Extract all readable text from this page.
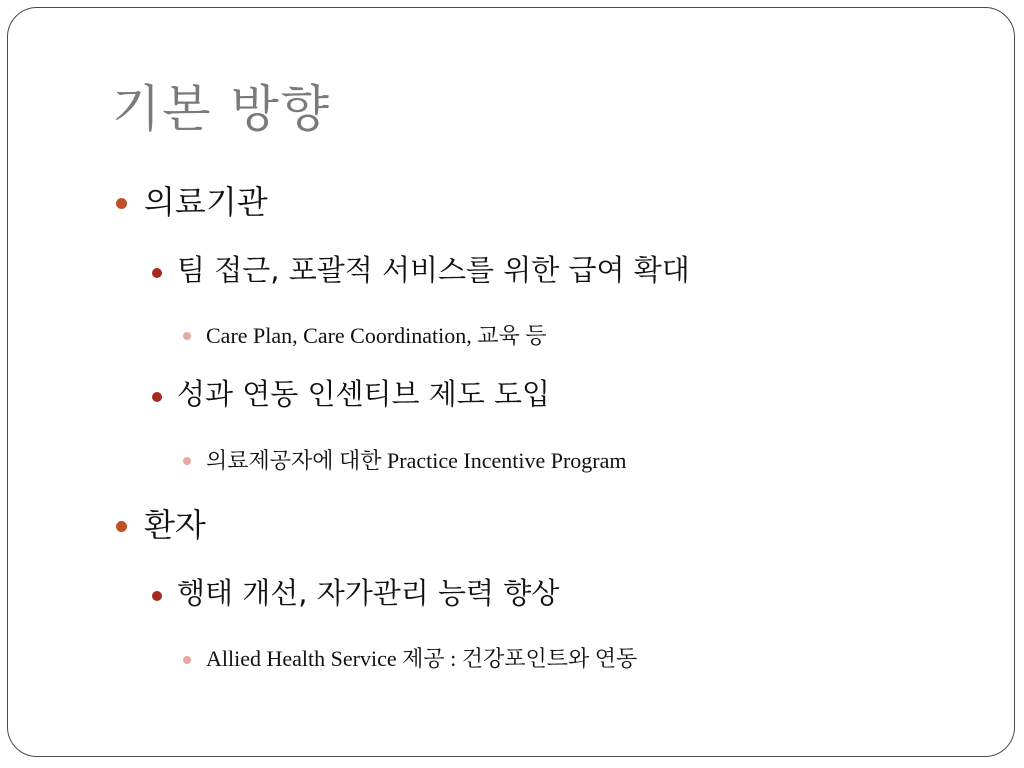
기본 방향
의료기관
팀 접근, 포괄적 서비스를 위한 급여 확대
Care Plan, Care Coordination, 교육 등
성과 연동 인센티브 제도 도입
의료제공자에 대한 Practice Incentive Program
환자
행태 개선, 자가관리 능력 향상
Allied Health Service 제공 : 건강포인트와 연동
